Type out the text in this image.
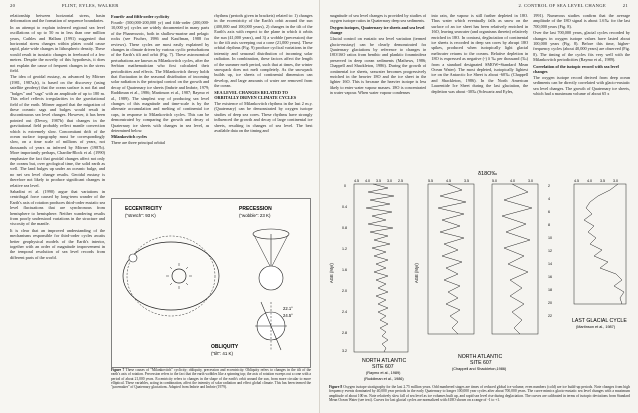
20	FLINT, EYLES, WALKER

relationship between horizontal stress, basin deformation and the formation of sequence boundaries.

In an attempt to explain inferred regional sea level oscillations of up to 50 m in less than one million years, Cathles and Hallam (1991) suggested that horizontal stress changes within plates could cause rapid, plate-wide changes in lithospheric density. These would result in isostatic changes in freeboard of a few metres. Despite the novelty of this hypothesis, it does not explain the cause of frequent changes in the stress field.

The idea of geoidal eustasy, as advanced by Mörner (1981, 1987a,b), is based on the discovery (using satellite geodesy) that the ocean surface is not flat and "bulges" and "sags" with an amplitude of up to 180 m. This relief reflects irregularities in the gravitational field of the earth. Mörner argued that the migration of these oceanic sags and bulges would result in discontinuous sea level changes. However, it has been pointed out (Devoy, 1987b) that changes in the gravitational field probably reflect mantle convection which is extremely slow. Concomitant drift of the ocean surface topography must be correspondingly slow, on a time scale of millions of years, not thousands of years as inferred by Mörner (1987b). More importantly perhaps, Chardin-Block et al. (1990) emphasize the fact that geoidal changes affect not only the oceans but, over geological time, the solid earth as well. The land bulges up under an oceanic bulge, and no net sea level change results. Geoidal eustasy is therefore not likely to produce significant changes in relative sea level.

Sabadini et al. (1990) argue that variations in centrifugal force caused by long-term wander of the Earth's axis of rotation produces third-order eustatic sea level fluctuations that are synchronous from hemisphere to hemisphere. Neither wandering results from poorly understood variations in the structure and viscosity of the mantle.

It is clear that an improved understanding of the mechanisms responsible for third-order cycles awaits better geophysical models of the Earth's interior, together with an order of magnitude improvement in the temporal resolution of sea level records from different parts of the world.

Fourth- and fifth-order cyclicity

Fourth- (500,000-200,000 yr) and fifth-order (200,000-10,000 yr) cycles are widely documented in many parts of the Phanerozoic, both in shallow-marine and pelagic rocks (see Fischer, 1986 and Kauffman, 1988 for reviews). These cycles are most easily explained by changes in climate driven by various cyclic perturbations of the Earth's tilt and orbit (Fig. 7). These astronomical perturbations are known as Milankovitch cycles, after the Serbian mathematician who first calculated their periodicities and effects. The Milankovitch theory holds that fluctuation in the seasonal distribution of incoming solar radiation is the principal control on the growth and decay of Quaternary ice sheets (Imbrie and Imbrie, 1979; Ruddiman et al., 1986; Martinson et al., 1987; Raymo et al., 1989). The simplest way of producing sea level changes of this magnitude and time-scale is by the alternate accumulation and melting of continental ice caps, in response to Milankovitch cycles. This can be demonstrated by comparing the growth and decay of Quaternary ice sheets with changes in sea level, as determined below.

Milankovitch cycles

There are three principal orbital

rhythms (periods given in brackets) related to: 1) changes in the eccentricity of the Earth's orbit around the sun (400,000 and 100,000 years), 2) changes in the tilt of the Earth's axis with respect to the plane in which it orbits the sun (41,000 years), and 3) a wobble (precession) due to the tilt axis sweeping out a cone (21,000 years). These orbital rhythms (Fig. 9) produce cyclical variations in the intensity and seasonal distribution of incoming solar radiation. In combination, these factors affect the length of the summer melt period, such that at times, the winter snowpack does not melt completely. As the snowpack builds up, ice sheets of continental dimension can develop, and large amounts of water are removed from the ocean.

SEA LEVEL CHANGES RELATED TO ORBITALLY DRIVEN CLIMATE CYCLES

The existence of Milankovitch rhythms in the last 2 m.y. (Quaternary) can be demonstrated by oxygen isotope studies of deep sea cores. These rhythms have strongly influenced the growth and decay of large continental ice sheets, resulting in changes of sea level. The best available data on the timing and

ECCENTRICITY
("stretch": 93 K)
PRECESSION
("wobble": 23 K)
22.1°
24.5°
OBLIQUITY
("tilt": 41 K)
Figure 7 These causes of "Milankovitch" cyclicity; obliquity, precession and eccentricity. Obliquity refers to changes in the tilt of the earth's axis of rotation. Precession refers to the fact that the earth wobbles like a spinning top; the axis of rotation sweeps out a cone with a period of about 21,000 years. Eccentricity refers to changes in the shape of the earth's orbit around the sun, from more circular to more elliptical. These variables, acting in combination, affect the intensity of solar radiation and effect global climate. This has been termed the "pacemaker" of Quaternary glaciations. Adapted from Imbrie and Imbrie (1979).
2. CONTROL OF SEA LEVEL CHANGE	21

magnitude of sea level changes is provided by studies of oxygen isotope ratios in Quaternary deep sea sediments.

Oxygen isotopes, Quaternary ice sheets and sea level change

Glacial control on eustatic sea level variation (termed glacio-eustasy) can be clearly demonstrated for Quaternary glaciations by reference to changes in 18O/16O ratios from benthic and planktic foraminifera preserved in deep ocean sediments (Mathews, 1986; Chappell and Shackleton, 1986). During the growth of continental ice sheets, seawater becomes progressively enriched in the heavier 18O and the ice sheet in the lighter 16O. This is because the heavier isotope is less likely to enter water vapour masses. 18O is concentrated in water vapour. When water vapour condenses

into rain, the vapour is still further depleted in 18O. Thus water which eventually falls as snow on the surface of an ice sheet has been relatively enriched in 16O, leaving seawater (and organisms therein) relatively enriched in 18O. In contrast, deglaciation of continental ice sheets is recorded in deep sea cores by abrupt 18O spikes, produced when isotopically light glacial meltwater returns to the oceans. Relative depletion in 18O is expressed as negative (-) δ ‰ per thousand (‰) from a standard designated SMOW=Standard Mean Ocean Water). The most depleted, isotopically lightest ice on the Antarctic Ice Sheet is about -60‰ (Chappell and Shackleton, 1986). In the North American Laurentide Ice Sheet during the last glaciation, the depletion was about -30‰ (Schwartz and Eyles,

1991). Numerous studies confirm that the average amplitude of the 18O signal is about 1.6‰ for the last 700,000 years (Fig. 8).

Over the last 700,000 years, glacial cycles recorded by changes in oxygen isotope values have lasted about 100,000 years (Fig. 8). Before this time, higher-frequency cycles (about 40,000 years) are observed (Fig. 8). The timing of the cycles fits very well with the Milankovitch periodicities (Raymo et al., 1989).

Correlation of the isotopic record with sea level changes

The oxygen isotope record derived from deep ocean sediments can be directly correlated with glacio-eustatic sea level changes. The growth of Quaternary ice sheets, which had a maximum volume of about 65 x

δ18O‰
4.5 4.0 3.5 3.0 2.5
AGE (Myr)
0
0.4
0.8
1.2
1.6
2.0
2.4
2.8
3.2
5.5	4.5	3.5
AGE (Myr)
5.0	4.0	3.0
2
4
6
8
10
12
14
16
18
20
22
4.5 4.0 3.5 3.0
NORTH ATLANTIC
SITE 607
(Raymo et al., 1989)
(Ruddiman et al., 1986)
NORTH ATLANTIC
SITE 607
(Chappell and Shackleton,1986)
LAST GLACIAL CYCLE
(Martinson et al., 1987)
Figure 8 Oxygen isotope stratigraphy for the last 2.75 million years. Odd numbered stages are times of reduced global ice volume, even numbers (cold) are ice build-up periods. Note changes from high frequency events dominated by 40,000 year periods in the early Quaternary to longer 100,000 year cycles after about 700,000 years. The curve mimics glacio-eustatic sea level changes with a maximum amplitude of about 100 m. Note relatively slow fall of sea level as ice volumes built up, and rapid sea level rise during deglaciation. The curves are calibrated in terms of isotopic deviations from Standard Mean Ocean Water (see text). Curves for last glacial cycles are normalized with δ18O shown on a range of -1 to +1.
